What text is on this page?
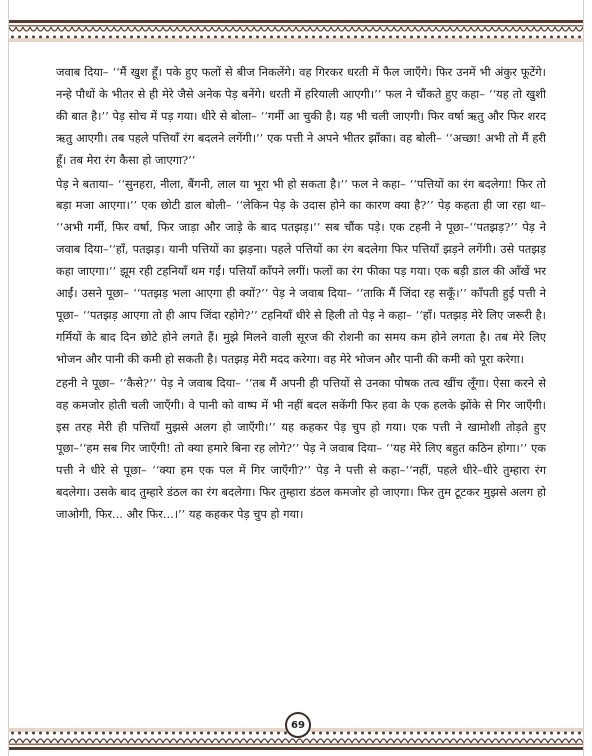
जवाब दिया– ‘‘मैं खुश हूँ। पके हुए फलों से बीज निकलेंगे। वह गिरकर धरती में फैल जाएँगे। फिर उनमें भी अंकुर फूटेंगे। नन्हे पौधों के भीतर से ही मेरे जैसे अनेक पेड़ बनेंगे। धरती में हरियाली आएगी।’’ फल ने चौंकते हुए कहा– ‘‘यह तो खुशी की बात है।’’ पेड़ सोच में पड़ गया। धीरे से बोला– ‘‘गर्मी आ चुकी है। यह भी चली जाएगी। फिर वर्षा ऋतु और फिर शरद ऋतु आएगी। तब पहले पत्तियाँ रंग बदलने लगेंगी।’’ एक पत्ती ने अपने भीतर झाँका। वह बोली– ‘‘अच्छा! अभी तो मैं हरी हूँ। तब मेरा रंग कैसा हो जाएगा?’’

पेड़ ने बताया– ‘‘सुनहरा, नीला, बैंगनी, लाल या भूरा भी हो सकता है।’’ फल ने कहा– ‘‘पत्तियों का रंग बदलेगा! फिर तो बड़ा मजा आएगा।’’ एक छोटी डाल बोली– ‘‘लेकिन पेड़ के उदास होने का कारण क्या है?’’ पेड़ कहता ही जा रहा था– ‘‘अभी गर्मी, फिर वर्षा, फिर जाड़ा और जाड़े के बाद पतझड़।’’ सब चौंक पड़े। एक टहनी ने पूछा–‘‘पतझड़?’’ पेड़ ने जवाब दिया–‘‘हाँ, पतझड़। यानी पत्तियों का झड़ना। पहले पत्तियों का रंग बदलेगा फिर पत्तियाँ झड़ने लगेंगी। उसे पतझड़ कहा जाएगा।’’ झूम रही टहनियाँ थम गईं। पत्तियाँ काँपने लगीं। फलों का रंग फीका पड़ गया। एक बड़ी डाल की आँखें भर आईं। उसने पूछा– ‘‘पतझड़ भला आएगा ही क्यों?’’ पेड़ ने जवाब दिया– ‘‘ताकि मैं जिंदा रह सकूँ।’’ काँपती हुई पत्ती ने पूछा– ‘‘पतझड़ आएगा तो ही आप जिंदा रहोगे?’’ टहनियाँ धीरे से हिली तो पेड़ ने कहा– ‘‘हाँ। पतझड़ मेरे लिए जरूरी है। गर्मियों के बाद दिन छोटे होने लगते हैं। मुझे मिलने वाली सूरज की रोशनी का समय कम होने लगता है। तब मेरे लिए भोजन और पानी की कमी हो सकती है। पतझड़ मेरी मदद करेगा। वह मेरे भोजन और पानी की कमी को पूरा करेगा।

टहनी ने पूछा– ‘‘कैसे?’’ पेड़ ने जवाब दिया– ‘‘तब मैं अपनी ही पत्तियों से उनका पोषक तत्व खींच लूँगा। ऐसा करने से वह कमजोर होती चली जाएँगी। वे पानी को वाष्प में भी नहीं बदल सकेंगी फिर हवा के एक हलके झोंके से गिर जाएँगी। इस तरह मेरी ही पत्तियाँ मुझसे अलग हो जाएँगी।’’ यह कहकर पेड़ चुप हो गया। एक पत्ती ने खामोशी तोड़ते हुए पूछा–‘‘हम सब गिर जाएँगी! तो क्या हमारे बिना रह लोगे?’’ पेड़ ने जवाब दिया– ‘‘यह मेरे लिए बहुत कठिन होगा।’’ एक पत्ती ने धीरे से पूछा– ‘‘क्या हम एक पल में गिर जाएँगी?’’ पेड़ ने पत्ती से कहा–‘‘नहीं, पहले धीरे–धीरे तुम्हारा रंग बदलेगा। उसके बाद तुम्हारे डंठल का रंग बदलेगा। फिर तुम्हारा डंठल कमजोर हो जाएगा। फिर तुम टूटकर मुझसे अलग हो जाओगी, फिर... और फिर...।’’ यह कहकर पेड़ चुप हो गया।

69
